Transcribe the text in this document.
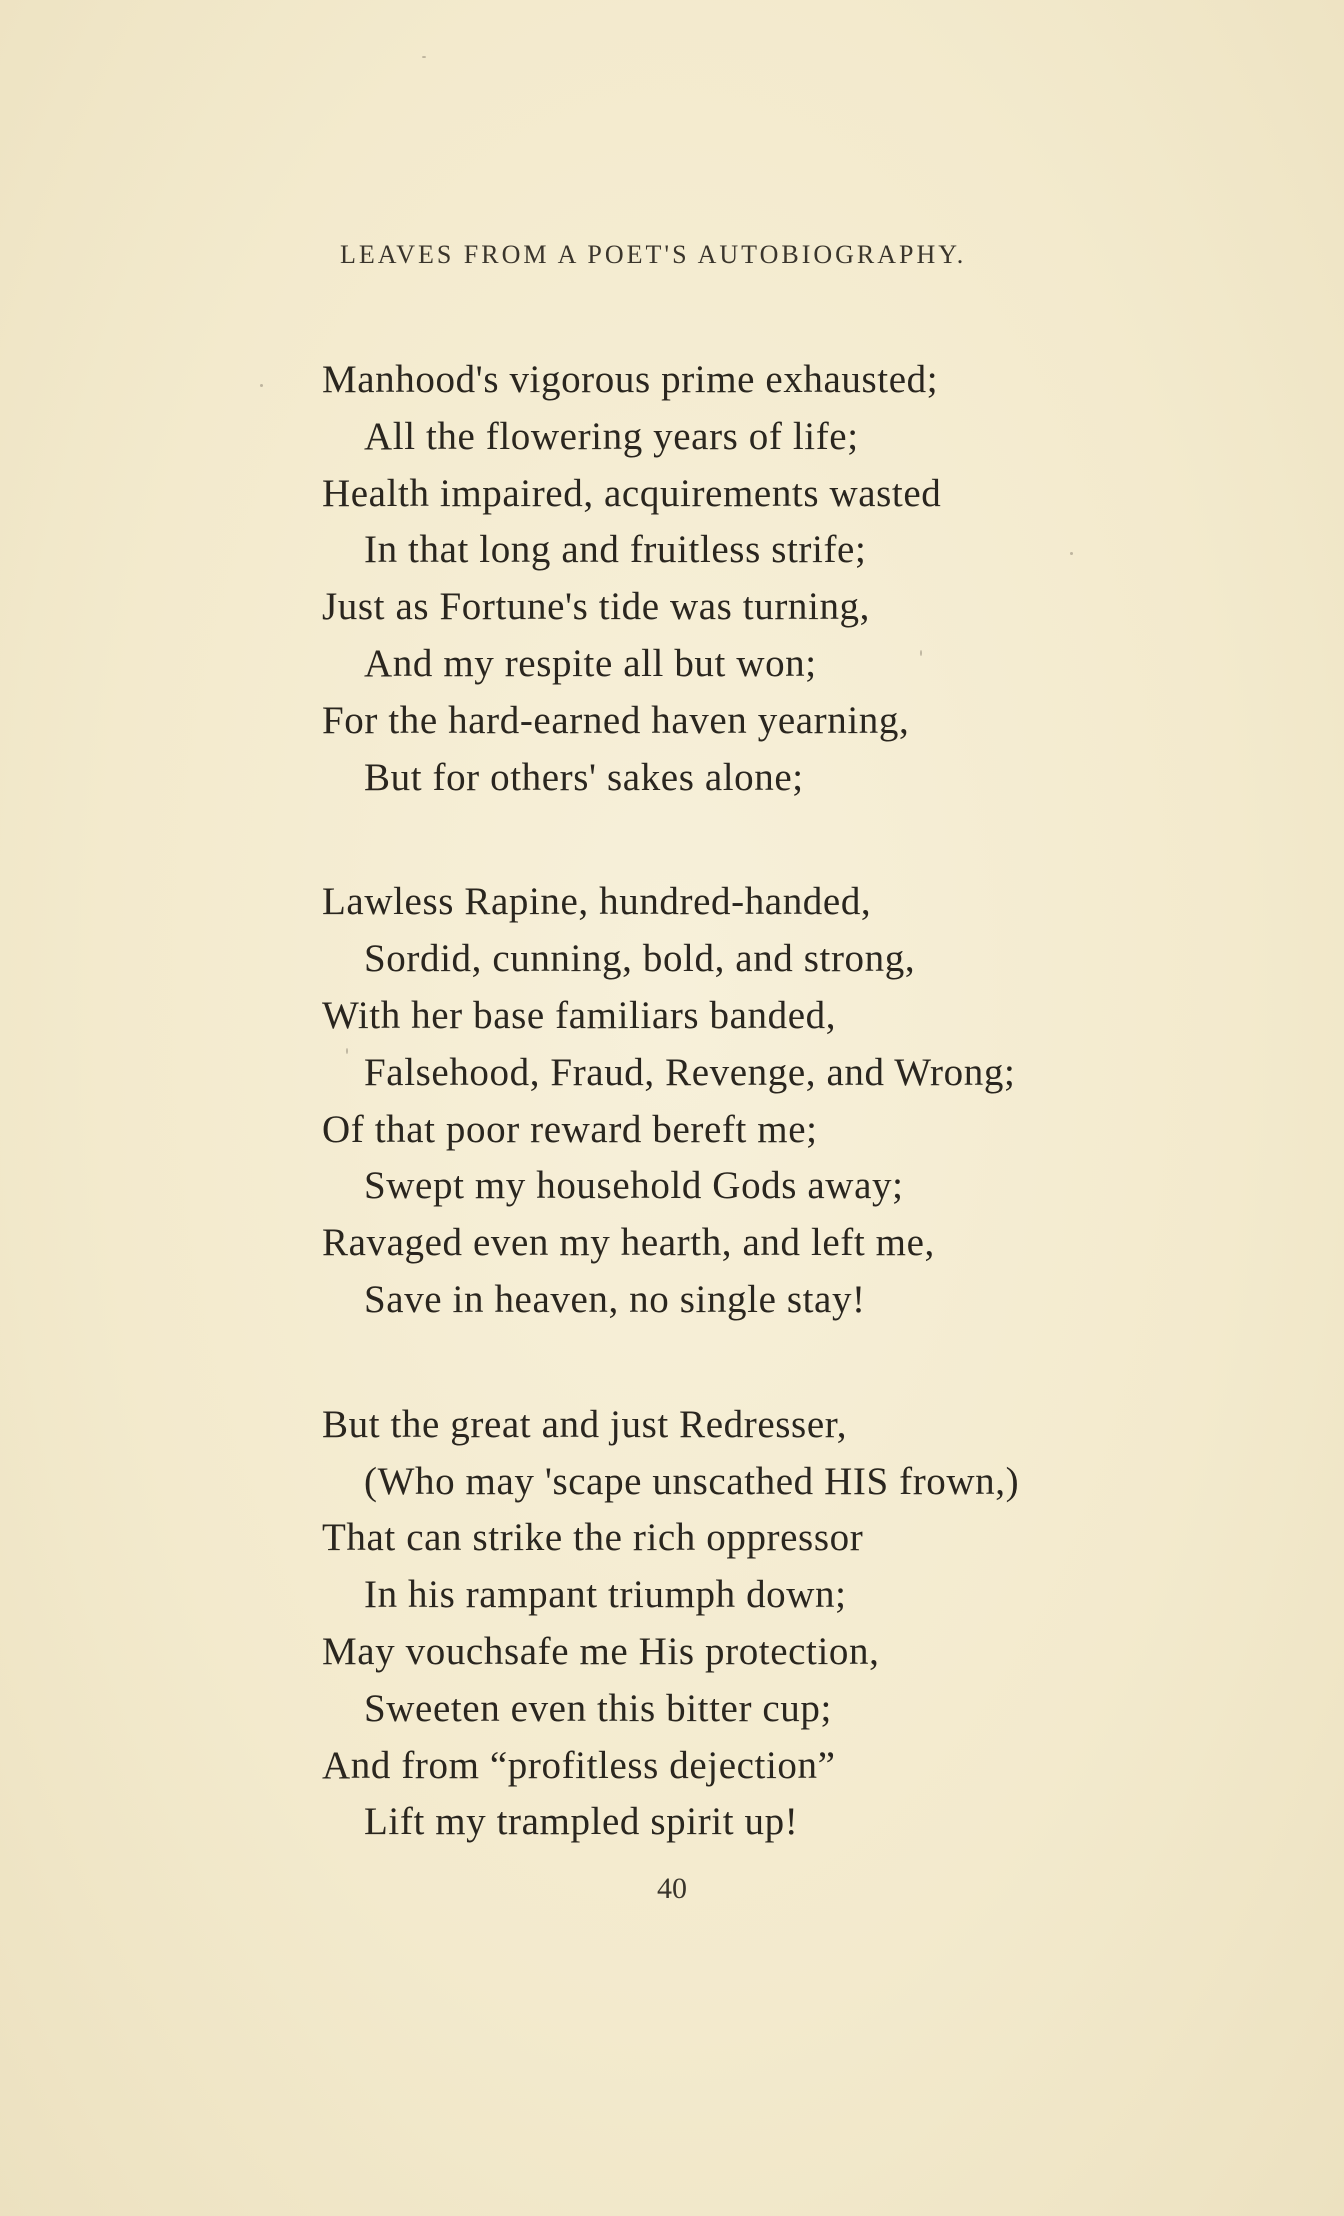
LEAVES FROM A POET'S AUTOBIOGRAPHY.
Manhood's vigorous prime exhausted;
All the flowering years of life;
Health impaired, acquirements wasted
In that long and fruitless strife;
Just as Fortune's tide was turning,
And my respite all but won;
For the hard-earned haven yearning,
But for others' sakes alone;
Lawless Rapine, hundred-handed,
Sordid, cunning, bold, and strong,
With her base familiars banded,
Falsehood, Fraud, Revenge, and Wrong;
Of that poor reward bereft me;
Swept my household Gods away;
Ravaged even my hearth, and left me,
Save in heaven, no single stay!
But the great and just Redresser,
(Who may 'scape unscathed HIS frown,)
That can strike the rich oppressor
In his rampant triumph down;
May vouchsafe me His protection,
Sweeten even this bitter cup;
And from “profitless dejection”
Lift my trampled spirit up!
40
